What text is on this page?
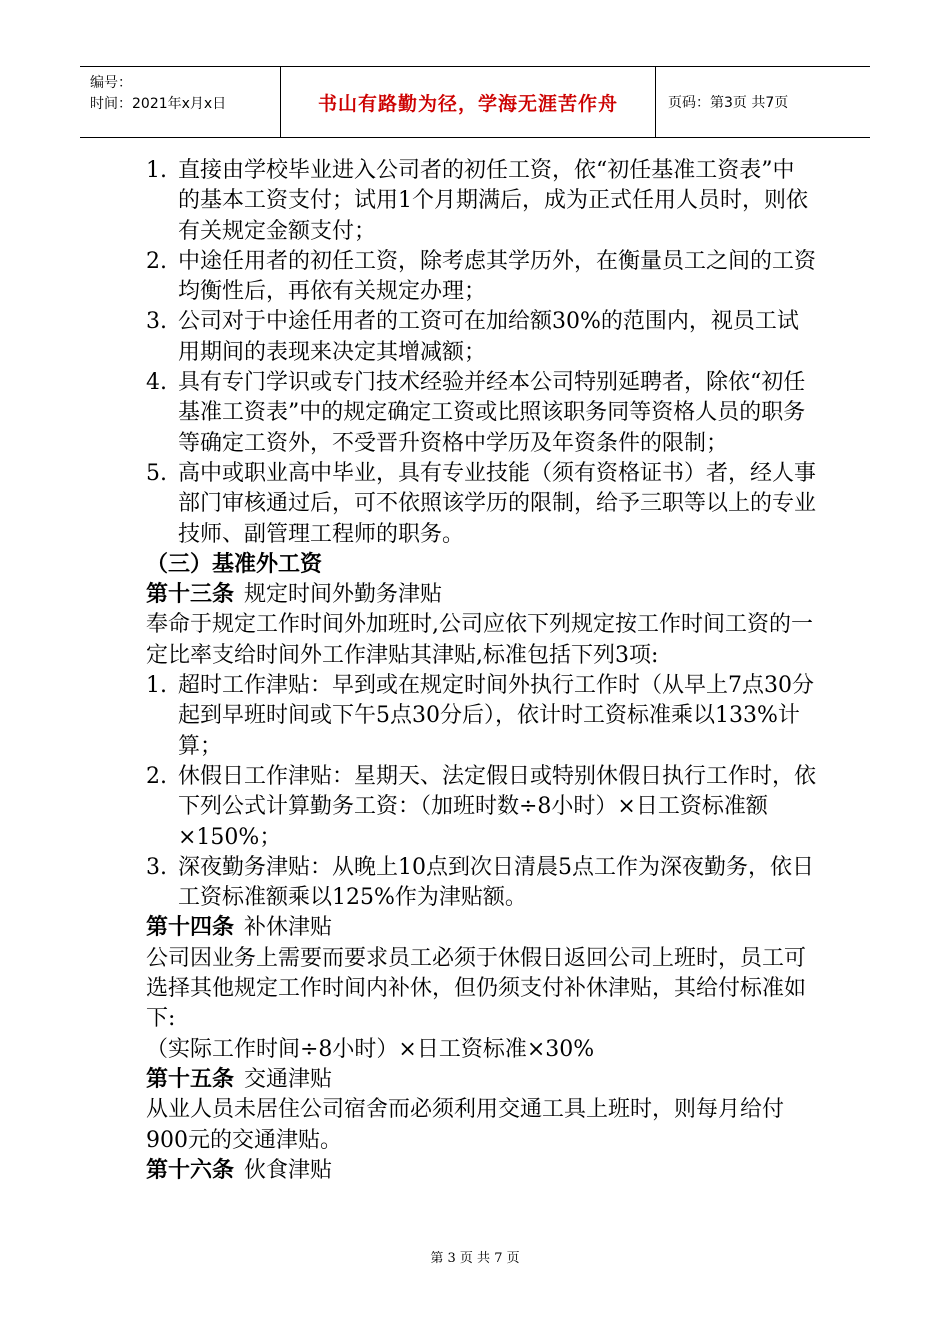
编号：
时间：2021年x月x日	书山有路勤为径，学海无涯苦作舟	页码：第3页 共7页
1. 直接由学校毕业进入公司者的初任工资，依“初任基准工资表”中的基本工资支付；试用1个月期满后，成为正式任用人员时，则依有关规定金额支付；
2. 中途任用者的初任工资，除考虑其学历外，在衡量员工之间的工资均衡性后，再依有关规定办理；
3. 公司对于中途任用者的工资可在加给额30%的范围内，视员工试用期间的表现来决定其增减额；
4. 具有专门学识或专门技术经验并经本公司特别延聘者，除依“初任基准工资表”中的规定确定工资或比照该职务同等资格人员的职务等确定工资外，不受晋升资格中学历及年资条件的限制；
5. 高中或职业高中毕业，具有专业技能（须有资格证书）者，经人事部门审核通过后，可不依照该学历的限制，给予三职等以上的专业技师、副管理工程师的职务。
（三）基准外工资
第十三条 规定时间外勤务津贴

奉命于规定工作时间外加班时,公司应依下列规定按工作时间工资的一定比率支给时间外工作津贴其津贴,标准包括下列3项:

1. 超时工作津贴：早到或在规定时间外执行工作时（从早上7点30分起到早班时间或下午5点30分后），依计时工资标准乘以133%计算；
2. 休假日工作津贴：星期天、法定假日或特别休假日执行工作时，依下列公式计算勤务工资：（加班时数÷8小时）×日工资标准额×150%；
3. 深夜勤务津贴：从晚上10点到次日清晨5点工作为深夜勤务，依日工资标准额乘以125%作为津贴额。
第十四条 补休津贴

公司因业务上需要而要求员工必须于休假日返回公司上班时，员工可选择其他规定工作时间内补休，但仍须支付补休津贴，其给付标准如下:

（实际工作时间÷8小时）×日工资标准×30%

第十五条 交通津贴

从业人员未居住公司宿舍而必须利用交通工具上班时，则每月给付900元的交通津贴。

第十六条 伙食津贴
第 3 页 共 7 页
